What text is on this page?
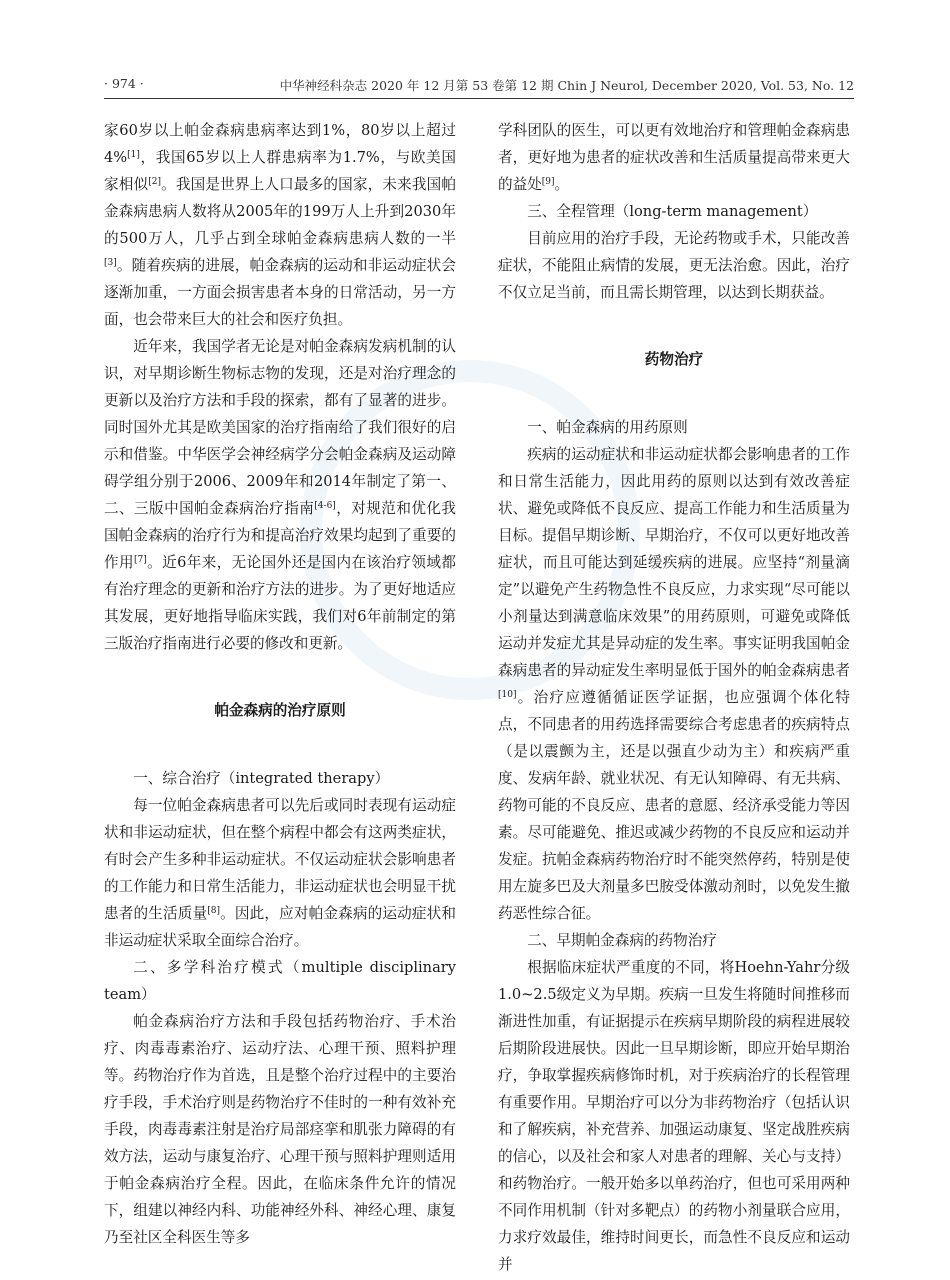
· 974 ·	中华神经科杂志 2020 年 12 月第 53 卷第 12 期 Chin J Neurol, December 2020, Vol. 53, No. 12

家60岁以上帕金森病患病率达到1%，80岁以上超过4%[1]，我国65岁以上人群患病率为1.7%，与欧美国家相似[2]。我国是世界上人口最多的国家，未来我国帕金森病患病人数将从2005年的199万人上升到2030年的500万人，几乎占到全球帕金森病患病人数的一半[3]。随着疾病的进展，帕金森病的运动和非运动症状会逐渐加重，一方面会损害患者本身的日常活动，另一方面，也会带来巨大的社会和医疗负担。

近年来，我国学者无论是对帕金森病发病机制的认识，对早期诊断生物标志物的发现，还是对治疗理念的更新以及治疗方法和手段的探索，都有了显著的进步。同时国外尤其是欧美国家的治疗指南给了我们很好的启示和借鉴。中华医学会神经病学分会帕金森病及运动障碍学组分别于2006、2009年和2014年制定了第一、二、三版中国帕金森病治疗指南[4-6]，对规范和优化我国帕金森病的治疗行为和提高治疗效果均起到了重要的作用[7]。近6年来，无论国外还是国内在该治疗领域都有治疗理念的更新和治疗方法的进步。为了更好地适应其发展，更好地指导临床实践，我们对6年前制定的第三版治疗指南进行必要的修改和更新。

帕金森病的治疗原则

一、综合治疗（integrated therapy）

每一位帕金森病患者可以先后或同时表现有运动症状和非运动症状，但在整个病程中都会有这两类症状，有时会产生多种非运动症状。不仅运动症状会影响患者的工作能力和日常生活能力，非运动症状也会明显干扰患者的生活质量[8]。因此，应对帕金森病的运动症状和非运动症状采取全面综合治疗。

二、多学科治疗模式（multiple disciplinary team）

帕金森病治疗方法和手段包括药物治疗、手术治疗、肉毒毒素治疗、运动疗法、心理干预、照料护理等。药物治疗作为首选，且是整个治疗过程中的主要治疗手段，手术治疗则是药物治疗不佳时的一种有效补充手段，肉毒毒素注射是治疗局部痉挛和肌张力障碍的有效方法，运动与康复治疗、心理干预与照料护理则适用于帕金森病治疗全程。因此，在临床条件允许的情况下，组建以神经内科、功能神经外科、神经心理、康复乃至社区全科医生等多

学科团队的医生，可以更有效地治疗和管理帕金森病患者，更好地为患者的症状改善和生活质量提高带来更大的益处[9]。

三、全程管理（long-term management）

目前应用的治疗手段，无论药物或手术，只能改善症状，不能阻止病情的发展，更无法治愈。因此，治疗不仅立足当前，而且需长期管理，以达到长期获益。

药物治疗

一、帕金森病的用药原则

疾病的运动症状和非运动症状都会影响患者的工作和日常生活能力，因此用药的原则以达到有效改善症状、避免或降低不良反应、提高工作能力和生活质量为目标。提倡早期诊断、早期治疗，不仅可以更好地改善症状，而且可能达到延缓疾病的进展。应坚持“剂量滴定”以避免产生药物急性不良反应，力求实现“尽可能以小剂量达到满意临床效果”的用药原则，可避免或降低运动并发症尤其是异动症的发生率。事实证明我国帕金森病患者的异动症发生率明显低于国外的帕金森病患者[10]。治疗应遵循循证医学证据，也应强调个体化特点，不同患者的用药选择需要综合考虑患者的疾病特点（是以震颤为主，还是以强直少动为主）和疾病严重度、发病年龄、就业状况、有无认知障碍、有无共病、药物可能的不良反应、患者的意愿、经济承受能力等因素。尽可能避免、推迟或减少药物的不良反应和运动并发症。抗帕金森病药物治疗时不能突然停药，特别是使用左旋多巴及大剂量多巴胺受体激动剂时，以免发生撤药恶性综合征。

二、早期帕金森病的药物治疗

根据临床症状严重度的不同，将Hoehn-Yahr分级1.0~2.5级定义为早期。疾病一旦发生将随时间推移而渐进性加重，有证据提示在疾病早期阶段的病程进展较后期阶段进展快。因此一旦早期诊断，即应开始早期治疗，争取掌握疾病修饰时机，对于疾病治疗的长程管理有重要作用。早期治疗可以分为非药物治疗（包括认识和了解疾病，补充营养、加强运动康复、坚定战胜疾病的信心，以及社会和家人对患者的理解、关心与支持）和药物治疗。一般开始多以单药治疗，但也可采用两种不同作用机制（针对多靶点）的药物小剂量联合应用，力求疗效最佳，维持时间更长，而急性不良反应和运动并
